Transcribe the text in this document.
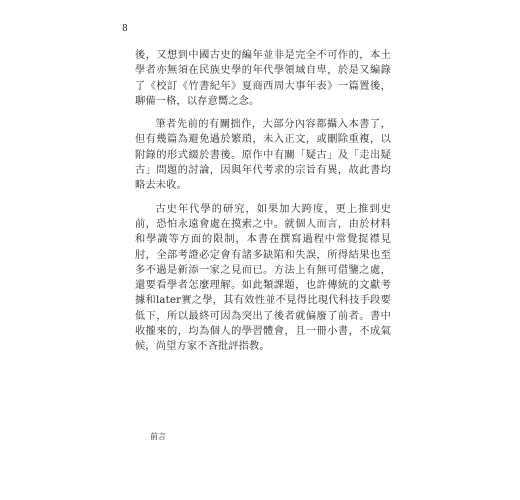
8

後，又想到中國古史的編年並非是完全不可作的，本土學者亦無須在民族史學的年代學領域自卑，於是又編錄了《校訂《竹書紀年》夏商西周大事年表》一篇置後，聊備一格，以存意嚮之念。

筆者先前的有關拙作，大部分內容都攝入本書了，但有幾篇為避免過於繁瑣，未入正文，或刪除重複，以附錄的形式綴於書後。原作中有關「疑古」及「走出疑古」問題的討論，因與年代考求的宗旨有異，故此書均略去未收。

古史年代學的研究，如果加大跨度，更上推到史前，恐怕永遠會處在摸索之中。就個人而言，由於材料和學識等方面的限制，本書在撰寫過程中常覺捉襟見肘，全部考證必定會有諸多缺陷和失誤，所得結果也至多不過是新添一家之見而已。方法上有無可借鑒之處，還要看學者怎麼理解。如此類課題，也許傳統的文獻考據和later實之學，其有效性並不見得比現代科技手段要低下，所以最終可因為突出了後者就偏廢了前者。書中收攏來的，均為個人的學習體會，且一冊小書，不成氣候，尚望方家不吝批評指教。

前言
